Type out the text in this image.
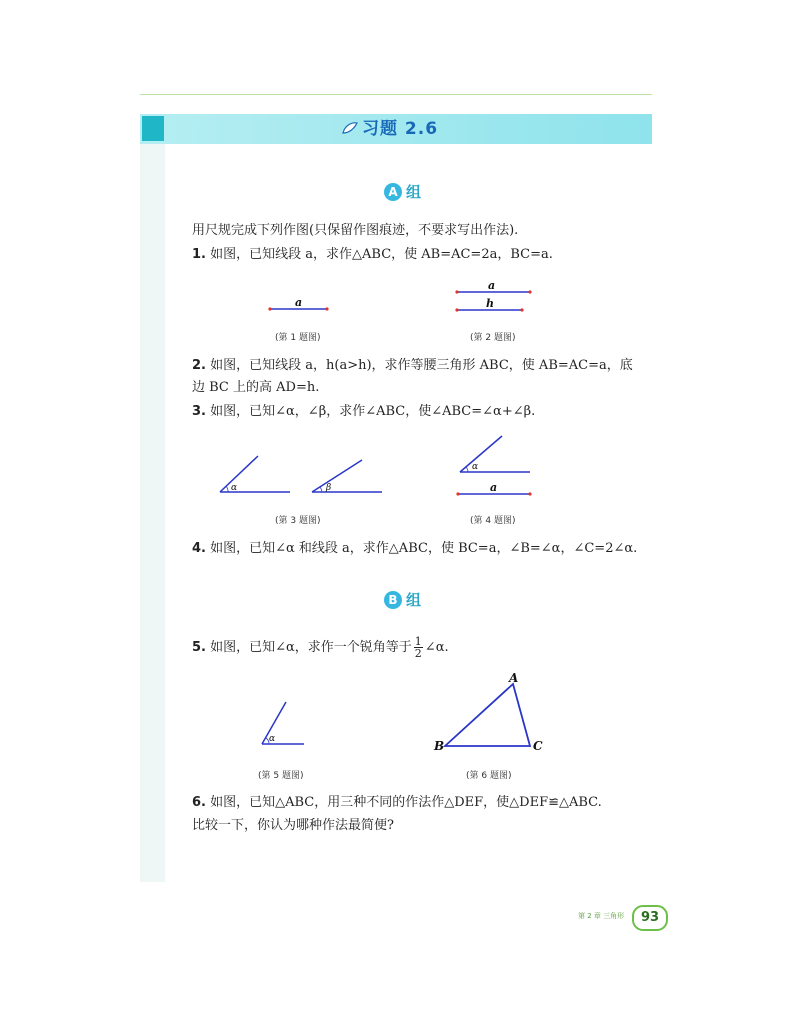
习题 2.6
A 组
用尺规完成下列作图(只保留作图痕迹，不要求写出作法).
1. 如图，已知线段 a，求作△ABC，使 AB=AC=2a，BC=a.
a
(第 1 题图)
a
h
(第 2 题图)
2. 如图，已知线段 a，h(a>h)，求作等腰三角形 ABC，使 AB=AC=a，底
边 BC 上的高 AD=h.
3. 如图，已知∠α，∠β，求作∠ABC，使∠ABC=∠α+∠β.
α	β
(第 3 题图)
α
a
(第 4 题图)
4. 如图，已知∠α 和线段 a，求作△ABC，使 BC=a，∠B=∠α，∠C=2∠α.
B 组
5. 如图，已知∠α，求作一个锐角等于 $\frac{1}{2}$ ∠α.
α
(第 5 题图)
A
B	C
(第 6 题图)
6. 如图，已知△ABC，用三种不同的作法作△DEF，使△DEF≌△ABC.
比较一下，你认为哪种作法最简便?
第 2 章 三角形	93
